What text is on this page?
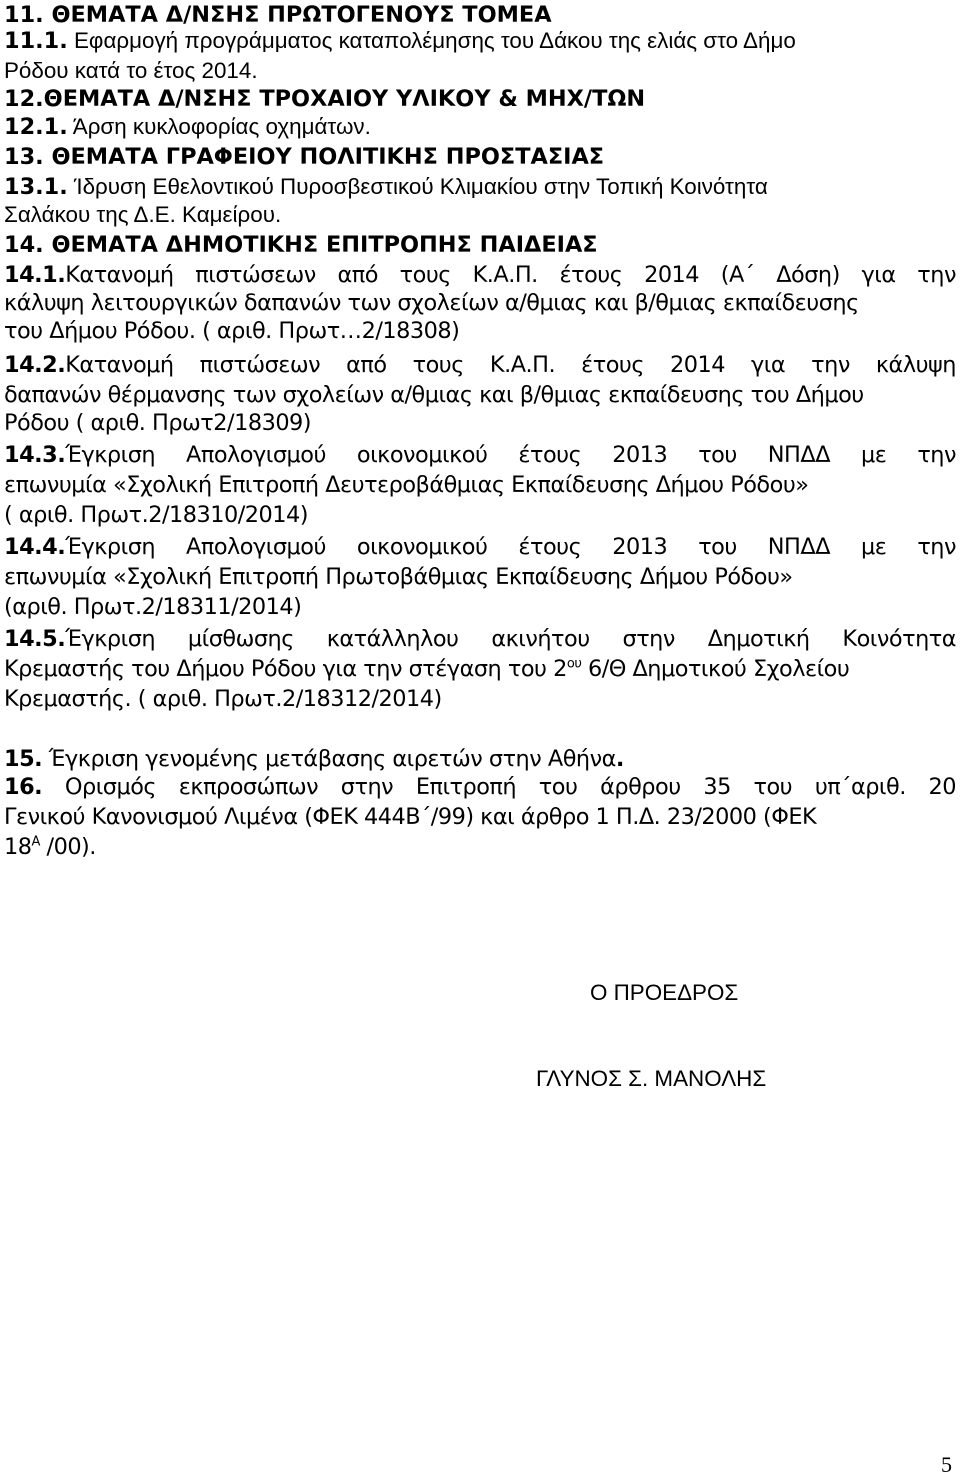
11. ΘΕΜΑΤΑ Δ/ΝΣΗΣ ΠΡΩΤΟΓΕΝΟΥΣ ΤΟΜΕΑ
11.1. Εφαρμογή προγράμματος καταπολέμησης του Δάκου της ελιάς στο Δήμο
Ρόδου κατά το έτος 2014.
12.ΘΕΜΑΤΑ Δ/ΝΣΗΣ ΤΡΟΧΑΙΟΥ ΥΛΙΚΟΥ & ΜΗΧ/ΤΩΝ
12.1. Άρση κυκλοφορίας οχημάτων.
13. ΘΕΜΑΤΑ ΓΡΑΦΕΙΟΥ ΠΟΛΙΤΙΚΗΣ ΠΡΟΣΤΑΣΙΑΣ
13.1. Ίδρυση Εθελοντικού Πυροσβεστικού Κλιμακίου στην Τοπική Κοινότητα
Σαλάκου της Δ.Ε. Καμείρου.
14. ΘΕΜΑΤΑ ΔΗΜΟΤΙΚΗΣ ΕΠΙΤΡΟΠΗΣ ΠΑΙΔΕΙΑΣ
14.1.Κατανομή πιστώσεων από τους Κ.Α.Π. έτους 2014 (Α΄ Δόση) για την
κάλυψη λειτουργικών δαπανών των σχολείων α/θμιας και β/θμιας εκπαίδευσης
του Δήμου Ρόδου. ( αριθ. Πρωτ…2/18308)
14.2.Κατανομή πιστώσεων από τους Κ.Α.Π. έτους 2014 για την κάλυψη
δαπανών θέρμανσης των σχολείων α/θμιας και β/θμιας εκπαίδευσης του Δήμου
Ρόδου ( αριθ. Πρωτ2/18309)
14.3.Έγκριση Απολογισμού οικονομικού έτους 2013 του ΝΠΔΔ με την
επωνυμία «Σχολική Επιτροπή Δευτεροβάθμιας Εκπαίδευσης Δήμου Ρόδου»
( αριθ. Πρωτ.2/18310/2014)
14.4.Έγκριση Απολογισμού οικονομικού έτους 2013 του ΝΠΔΔ με την
επωνυμία «Σχολική Επιτροπή Πρωτοβάθμιας Εκπαίδευσης Δήμου Ρόδου»
(αριθ. Πρωτ.2/18311/2014)
14.5.Έγκριση μίσθωσης κατάλληλου ακινήτου στην Δημοτική Κοινότητα
Κρεμαστής του Δήμου Ρόδου για την στέγαση του $2^{o\upsilon}$ 6/Θ Δημοτικού Σχολείου
Κρεμαστής. ( αριθ. Πρωτ.2/18312/2014)
15. Έγκριση γενομένης μετάβασης αιρετών στην Αθήνα.
16. Ορισμός εκπροσώπων στην Επιτροπή του άρθρου 35 του υπ΄αριθ. 20
Γενικού Κανονισμού Λιμένα (ΦΕΚ 444Β΄/99) και άρθρο 1 Π.Δ. 23/2000 (ΦΕΚ
$18^A$ /00).
Ο ΠΡΟΕΔΡΟΣ
ΓΛΥΝΟΣ Σ. ΜΑΝΟΛΗΣ
5
